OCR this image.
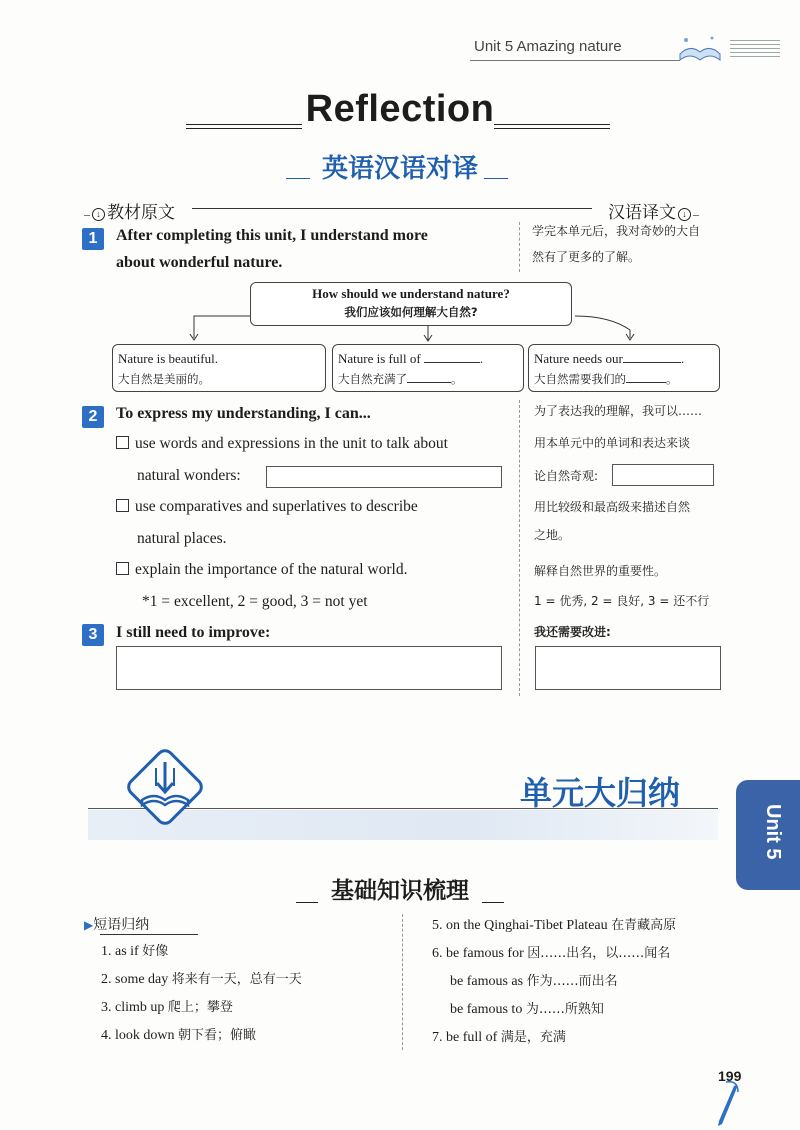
Unit 5 Amazing nature
Reflection
英语汉语对译
– ↓ 教材原文	汉语译文 ↓ –
1	After completing this unit, I understand more
about wonderful nature.
学完本单元后，我对奇妙的大自
然有了更多的了解。
How should we understand nature?
我们应该如何理解大自然?
Nature is beautiful.
大自然是美丽的。
Nature is full of	.
大自然充满了	。
Nature needs our	.
大自然需要我们的	。
2	To express my understanding, I can...	为了表达我的理解，我可以……
use words and expressions in the unit to talk about
natural wonders:
use comparatives and superlatives to describe
natural places.
explain the importance of the natural world.
*1 = excellent, 2 = good, 3 = not yet
用本单元中的单词和表达来谈
论自然奇观:
用比较级和最高级来描述自然
之地。
解释自然世界的重要性。
1 = 优秀, 2 = 良好, 3 = 还不行
3	I still need to improve:	我还需要改进:
单元大归纳
Unit 5
基础知识梳理
▶短语归纳
1. as if 好像
2. some day 将来有一天，总有一天
3. climb up 爬上；攀登
4. look down 朝下看；俯瞰
5. on the Qinghai-Tibet Plateau 在青藏高原
6. be famous for 因……出名，以……闻名
be famous as 作为……而出名
be famous to 为……所熟知
7. be full of 满是，充满
199
